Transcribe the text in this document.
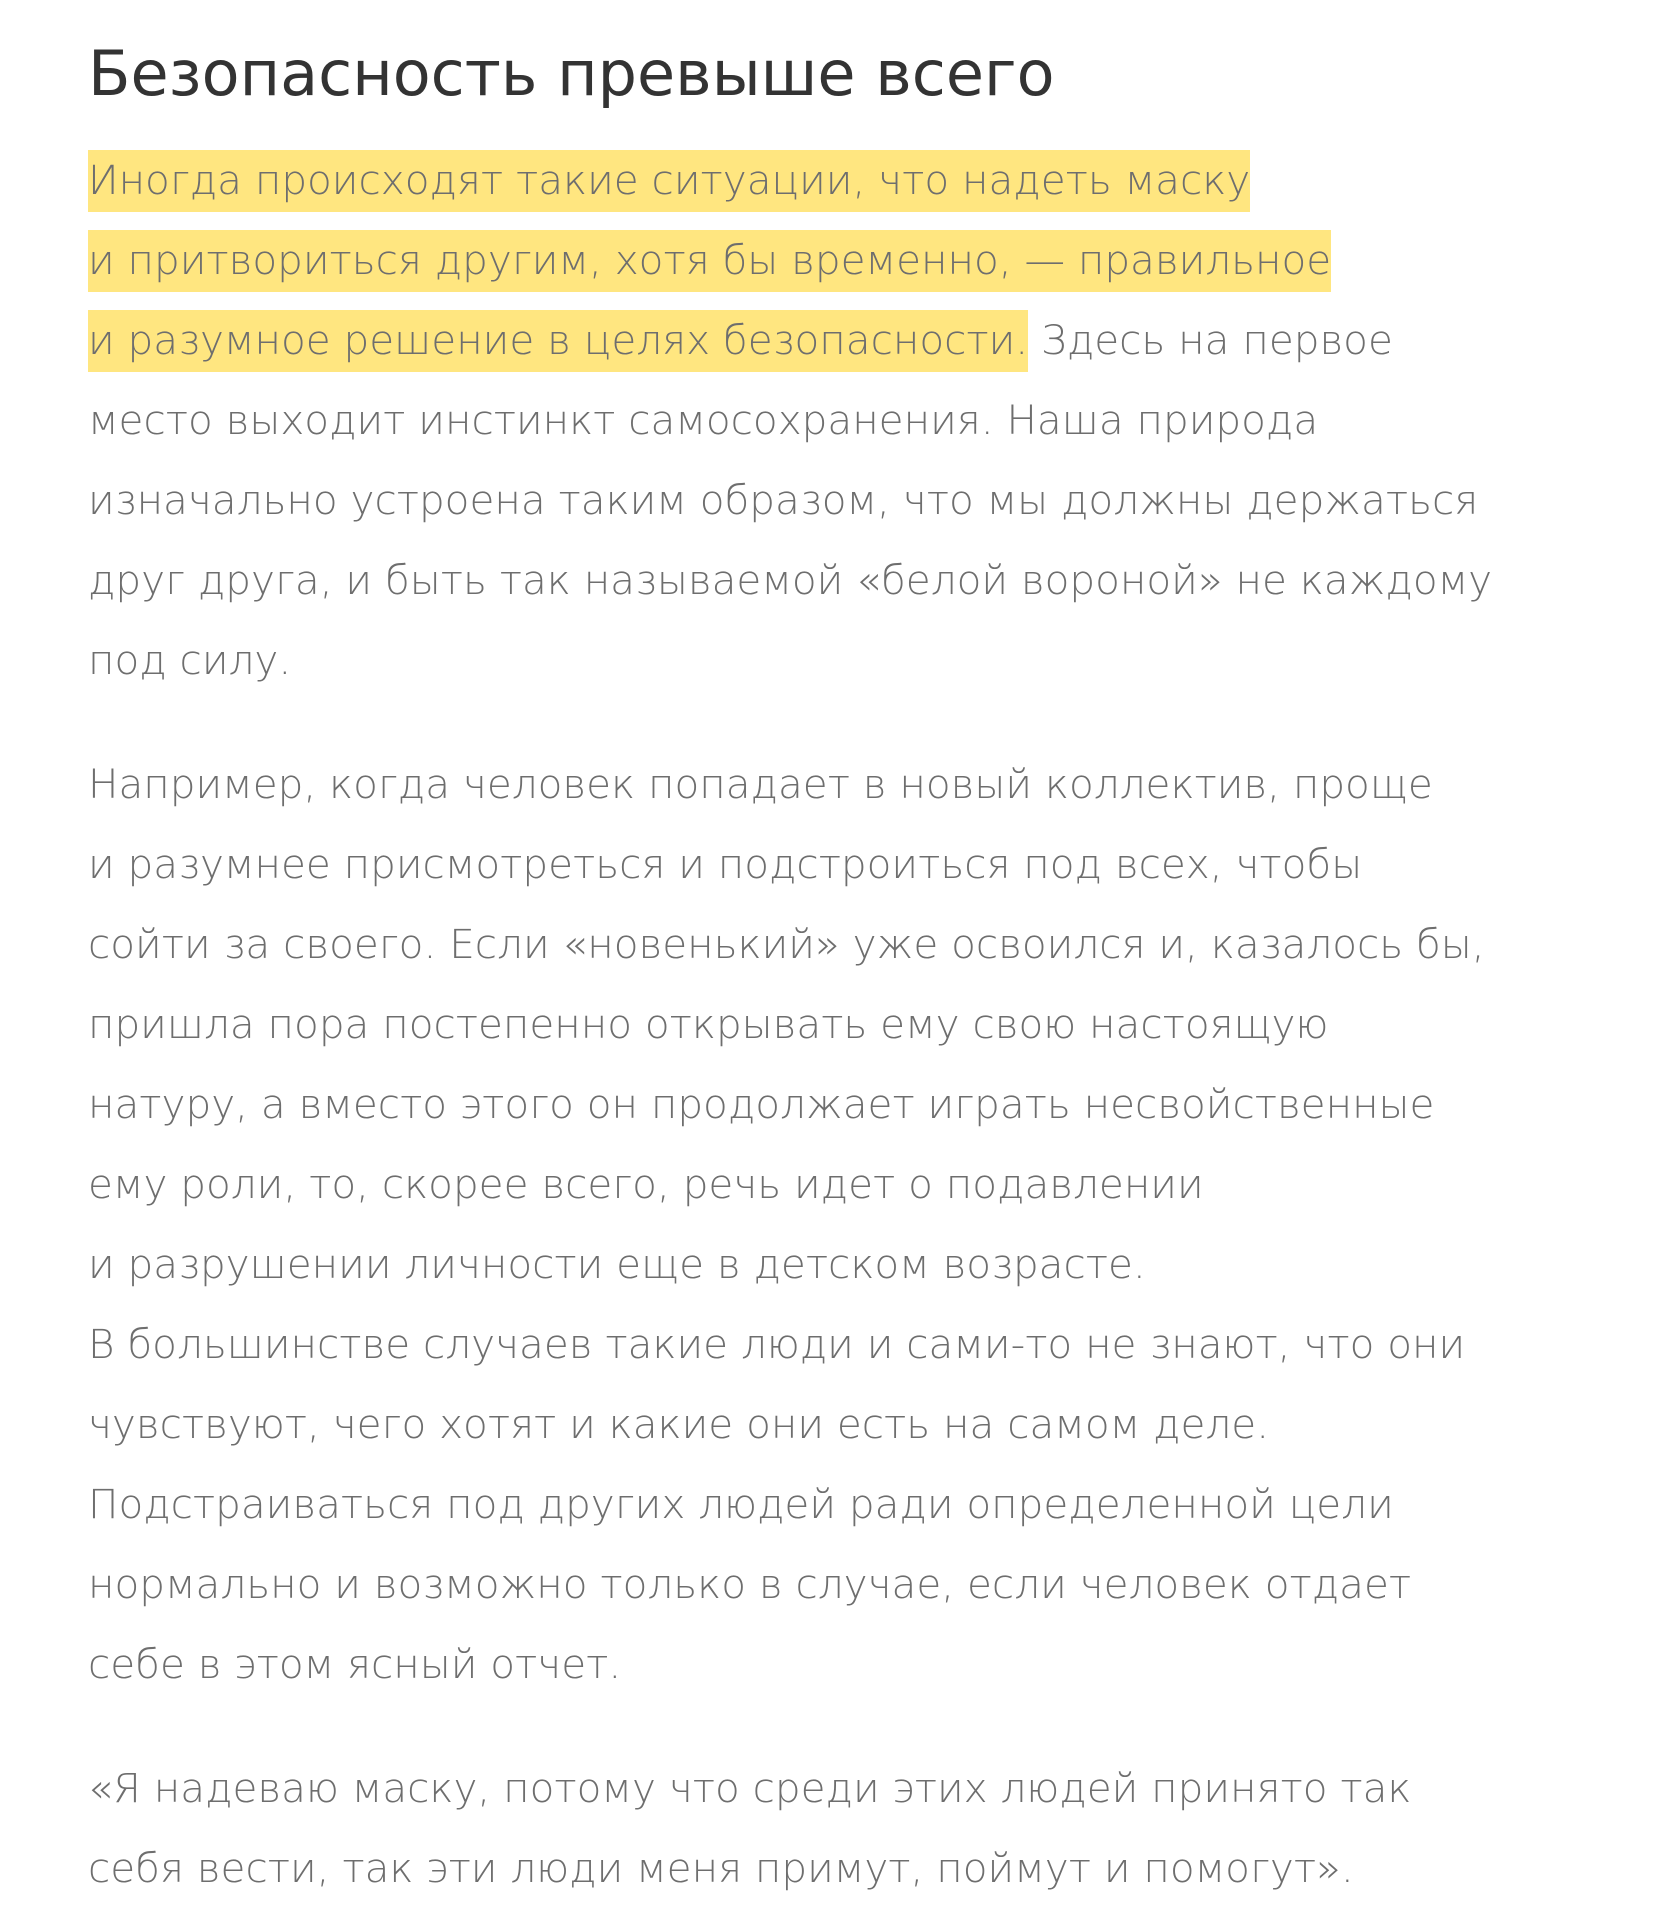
Безопасность превыше всего

Иногда происходят такие ситуации, что надеть маску
и притвориться другим, хотя бы временно, — правильное
и разумное решение в целях безопасности. Здесь на первое
место выходит инстинкт самосохранения. Наша природа
изначально устроена таким образом, что мы должны держаться
друг друга, и быть так называемой «белой вороной» не каждому
под силу.

Например, когда человек попадает в новый коллектив, проще
и разумнее присмотреться и подстроиться под всех, чтобы
сойти за своего. Если «новенький» уже освоился и, казалось бы,
пришла пора постепенно открывать ему свою настоящую
натуру, а вместо этого он продолжает играть несвойственные
ему роли, то, скорее всего, речь идет о подавлении
и разрушении личности еще в детском возрасте.
В большинстве случаев такие люди и сами-то не знают, что они
чувствуют, чего хотят и какие они есть на самом деле.
Подстраиваться под других людей ради определенной цели
нормально и возможно только в случае, если человек отдает
себе в этом ясный отчет.

«Я надеваю маску, потому что среди этих людей принято так
себя вести, так эти люди меня примут, поймут и помогут».
